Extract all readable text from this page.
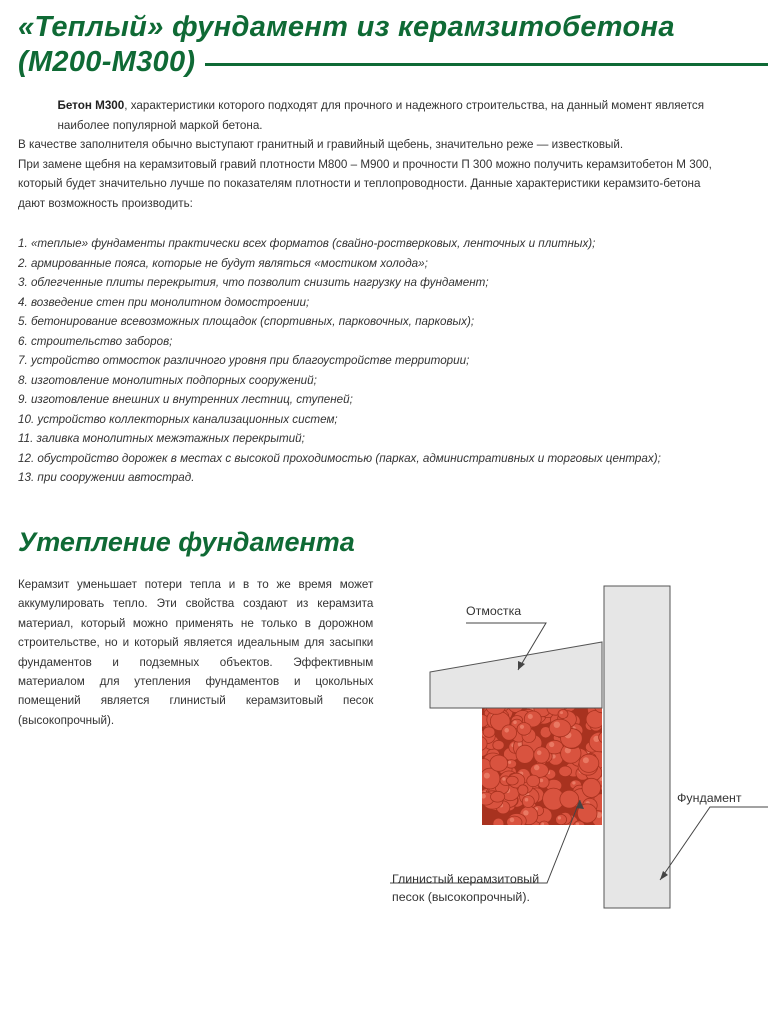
«Теплый» фундамент из керамзитобетона
(М200-М300)

Бетон М300, характеристики которого подходят для прочного и надежного строительства, на данный момент является наиболее популярной маркой бетона.

В качестве заполнителя обычно выступают гранитный и гравийный щебень, значительно реже — известковый.

При замене щебня на керамзитовый гравий плотности М800 – М900 и прочности П 300 можно получить керамзитобетон М 300, который будет значительно лучше по показателям плотности и теплопроводности. Данные характеристики керамзито-бетона дают возможность производить:

1. «теплые» фундаменты практически всех форматов (свайно-ростверковых, ленточных и плитных);
2. армированные пояса, которые не будут являться «мостиком холода»;
3. облегченные плиты перекрытия, что позволит снизить нагрузку на фундамент;
4. возведение стен при монолитном домостроении;
5. бетонирование всевозможных площадок (спортивных, парковочных, парковых);
6. строительство заборов;
7. устройство отмосток различного уровня при благоустройстве территории;
8. изготовление монолитных подпорных сооружений;
9. изготовление внешних и внутренних лестниц, ступеней;
10. устройство коллекторных канализационных систем;
11. заливка монолитных межэтажных перекрытий;
12. обустройство дорожек в местах с высокой проходимостью (парках, административных и торговых центрах);
13. при сооружении автострад.
Утепление фундамента
Керамзит уменьшает потери тепла и в то же время может аккумулировать тепло. Эти свойства создают из керамзита материал, который можно применять не только в дорожном строительстве, но и который является идеальным для засыпки фундаментов и подземных объектов. Эффективным материалом для утепления фундаментов и цокольных помещений является глинистый керамзитовый песок (высокопрочный).
Отмостка
Фундамент
Глинистый керамзитовый
песок (высокопрочный).
